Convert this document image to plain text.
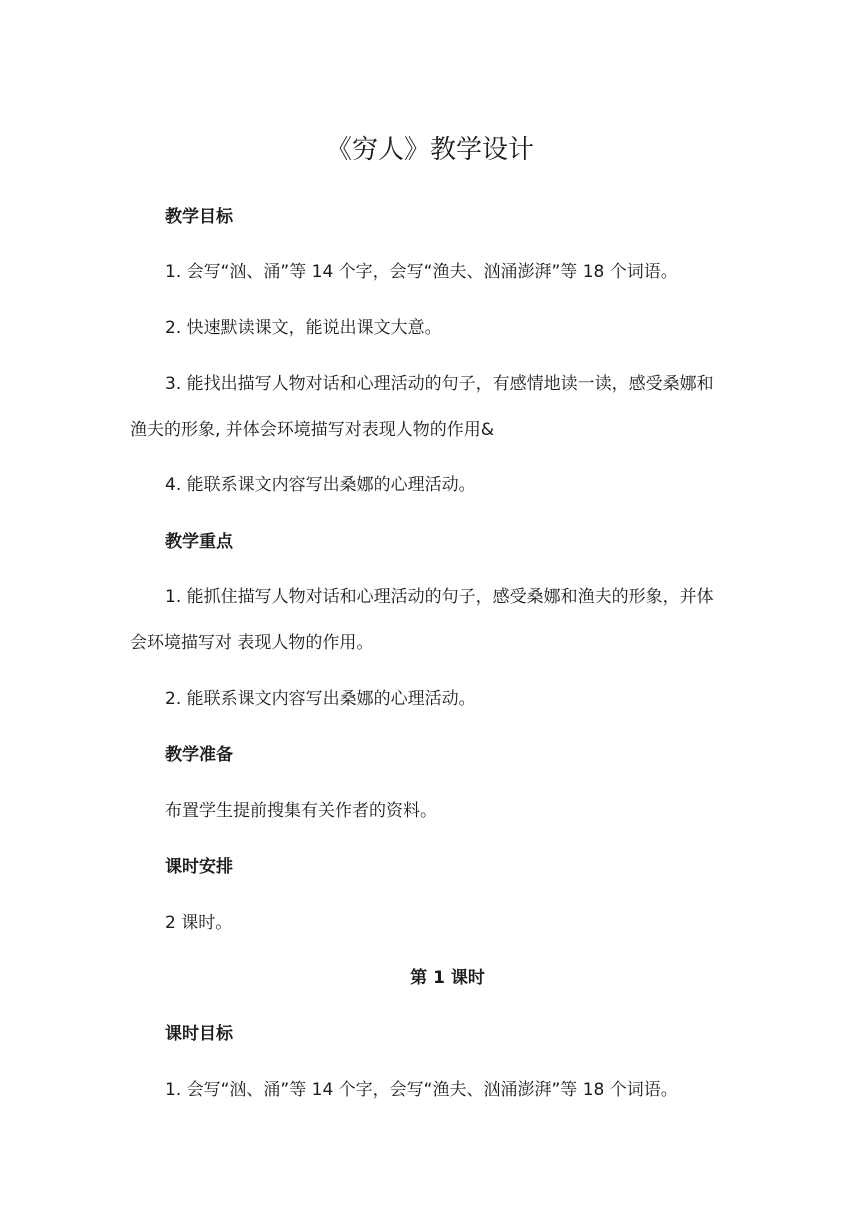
《穷人》教学设计

教学目标

1. 会写“汹、涌”等 14 个字，会写“渔夫、汹涌澎湃”等 18 个词语。

2. 快速默读课文，能说出课文大意。

3. 能找出描写人物对话和心理活动的句子，有感情地读一读，感受桑娜和

渔夫的形象, 并体会环境描写对表现人物的作用&

4. 能联系课文内容写出桑娜的心理活动。

教学重点

1. 能抓住描写人物对话和心理活动的句子，感受桑娜和渔夫的形象，并体

会环境描写对 表现人物的作用。

2. 能联系课文内容写出桑娜的心理活动。

教学准备

布置学生提前搜集有关作者的资料。

课时安排

2 课时。

第 1 课时

课时目标

1. 会写“汹、涌”等 14 个字，会写“渔夫、汹涌澎湃”等 18 个词语。
